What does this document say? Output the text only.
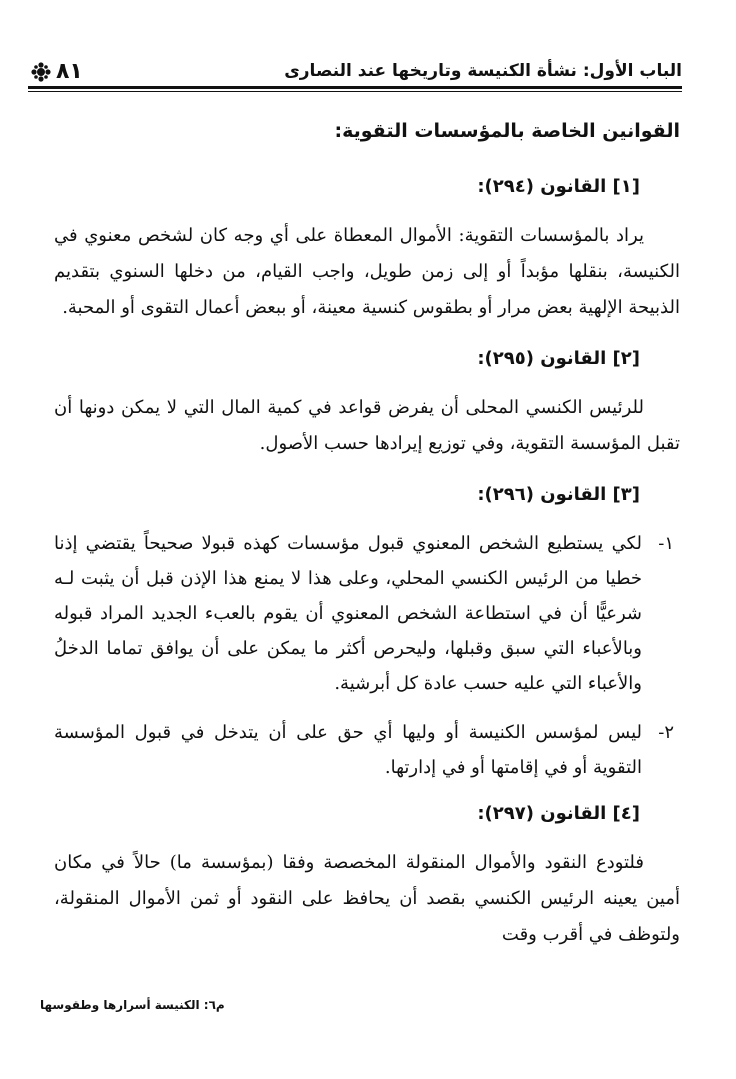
الباب الأول: نشأة الكنيسة وتاريخها عند النصارى
٨١
القوانين الخاصة بالمؤسسات التقوية:
[١] القانون (٢٩٤):

يراد بالمؤسسات التقوية: الأموال المعطاة على أي وجه كان لشخص معنوي في الكنيسة، بنقلها مؤبداً أو إلى زمن طويل، واجب القيام، من دخلها السنوي بتقديم الذبيحة الإلهية بعض مرار أو بطقوس كنسية معينة، أو ببعض أعمال التقوى أو المحبة.

[٢] القانون (٢٩٥):

للرئيس الكنسي المحلى أن يفرض قواعد في كمية المال التي لا يمكن دونها أن تقبل المؤسسة التقوية، وفي توزيع إيرادها حسب الأصول.

[٣] القانون (٢٩٦):
١-
لكي يستطيع الشخص المعنوي قبول مؤسسات كهذه قبولا صحيحاً يقتضي إذنا خطيا من الرئيس الكنسي المحلي، وعلى هذا لا يمنع هذا الإذن قبل أن يثبت لـه شرعيًّا أن في استطاعة الشخص المعنوي أن يقوم بالعبء الجديد المراد قبوله وبالأعباء التي سبق وقبلها، وليحرص أكثر ما يمكن على أن يوافق تماما الدخلُ والأعباء التي عليه حسب عادة كل أبرشية.
٢-
ليس لمؤسس الكنيسة أو وليها أي حق على أن يتدخل في قبول المؤسسة التقوية أو في إقامتها أو في إدارتها.
[٤] القانون (٢٩٧):

فلتودع النقود والأموال المنقولة المخصصة وفقا (بمؤسسة ما) حالاً في مكان أمين يعينه الرئيس الكنسي بقصد أن يحافظ على النقود أو ثمن الأموال المنقولة، ولتوظف في أقرب وقت

م٦: الكنيسة أسرارها وطقوسها
